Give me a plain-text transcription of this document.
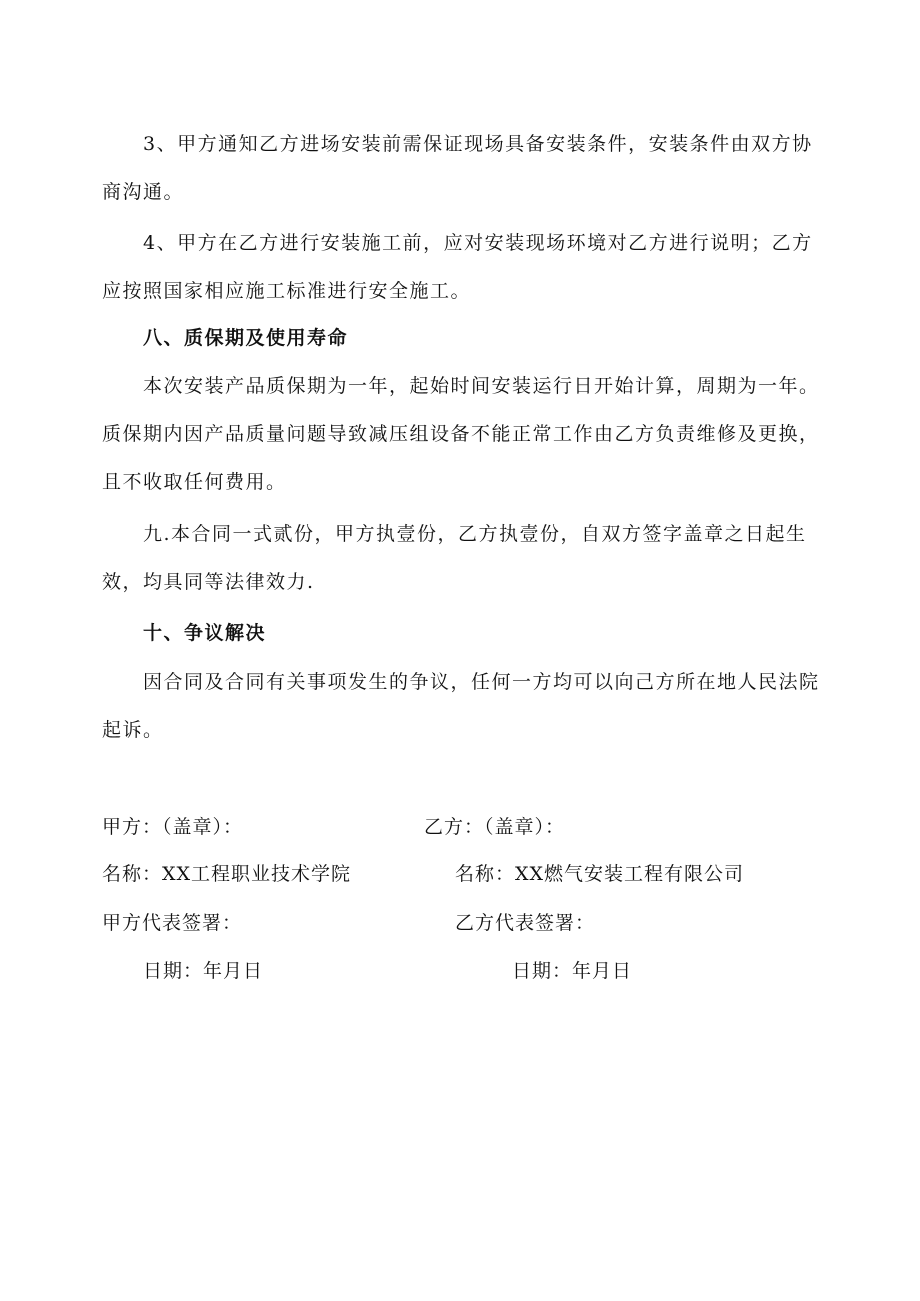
3、甲方通知乙方进场安装前需保证现场具备安装条件，安装条件由双方协商沟通。

4、甲方在乙方进行安装施工前，应对安装现场环境对乙方进行说明；乙方应按照国家相应施工标准进行安全施工。

八、质保期及使用寿命

本次安装产品质保期为一年，起始时间安装运行日开始计算，周期为一年。质保期内因产品质量问题导致减压组设备不能正常工作由乙方负责维修及更换，且不收取任何费用。

九.本合同一式贰份，甲方执壹份，乙方执壹份，自双方签字盖章之日起生效，均具同等法律效力.

十、争议解决

因合同及合同有关事项发生的争议，任何一方均可以向己方所在地人民法院起诉。

甲方：（盖章）：	乙方：（盖章）：
名称：XX工程职业技术学院	名称：XX燃气安装工程有限公司
甲方代表签署：	乙方代表签署：
日期：年月日	日期：年月日
